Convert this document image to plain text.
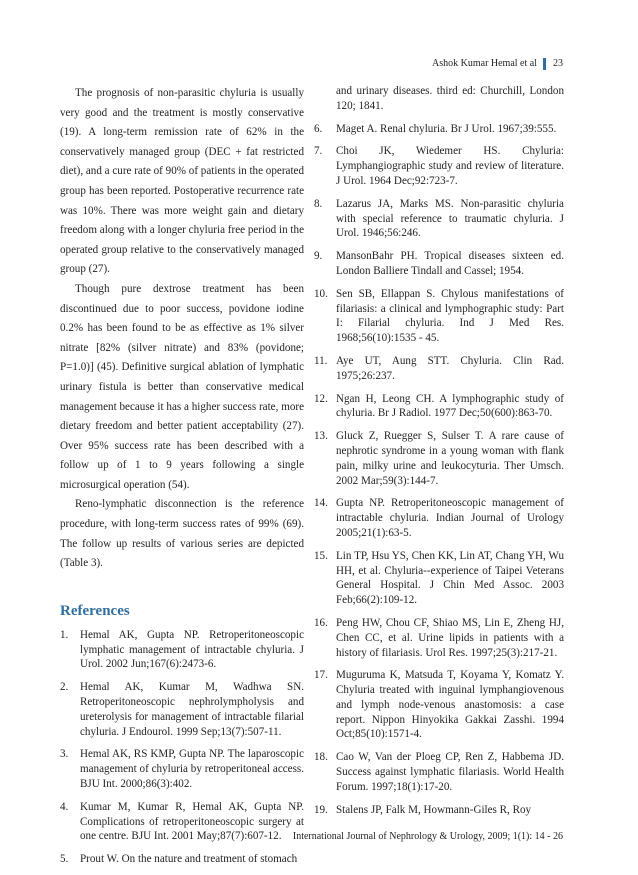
Ashok Kumar Hemal et al 23

The prognosis of non-parasitic chyluria is usually very good and the treatment is mostly conservative (19). A long-term remission rate of 62% in the conservatively managed group (DEC + fat restricted diet), and a cure rate of 90% of patients in the operated group has been reported. Postoperative recurrence rate was 10%. There was more weight gain and dietary freedom along with a longer chyluria free period in the operated group relative to the conservatively managed group (27).

Though pure dextrose treatment has been discontinued due to poor success, povidone iodine 0.2% has been found to be as effective as 1% silver nitrate [82% (silver nitrate) and 83% (povidone; P=1.0)] (45). Definitive surgical ablation of lymphatic urinary fistula is better than conservative medical management because it has a higher success rate, more dietary freedom and better patient acceptability (27). Over 95% success rate has been described with a follow up of 1 to 9 years following a single microsurgical operation (54).

Reno-lymphatic disconnection is the reference procedure, with long-term success rates of 99% (69). The follow up results of various series are depicted (Table 3).

References
1.	Hemal AK, Gupta NP. Retroperitoneoscopic lymphatic management of intractable chyluria. J Urol. 2002 Jun;167(6):2473-6.
2.	Hemal AK, Kumar M, Wadhwa SN. Retroperitoneoscopic nephrolympholysis and ureterolysis for management of intractable filarial chyluria. J Endourol. 1999 Sep;13(7):507-11.
3.	Hemal AK, RS KMP, Gupta NP. The laparoscopic management of chyluria by retroperitoneal access. BJU Int. 2000;86(3):402.
4.	Kumar M, Kumar R, Hemal AK, Gupta NP. Complications of retroperitoneoscopic surgery at one centre. BJU Int. 2001 May;87(7):607-12.
5.	Prout W. On the nature and treatment of stomach

and urinary diseases. third ed: Churchill, London 120; 1841.

6.	Maget A. Renal chyluria. Br J Urol. 1967;39:555.
7.	Choi JK, Wiedemer HS. Chyluria: Lymphangiographic study and review of literature. J Urol. 1964 Dec;92:723-7.
8.	Lazarus JA, Marks MS. Non-parasitic chyluria with special reference to traumatic chyluria. J Urol. 1946;56:246.
9.	MansonBahr PH. Tropical diseases sixteen ed. London Balliere Tindall and Cassel; 1954.
10. Sen SB, Ellappan S. Chylous manifestations of filariasis: a clinical and lymphographic study: Part I: Filarial chyluria. Ind J Med Res. 1968;56(10):1535 - 45.
11. Aye UT, Aung STT. Chyluria. Clin Rad. 1975;26:237.
12. Ngan H, Leong CH. A lymphographic study of chyluria. Br J Radiol. 1977 Dec;50(600):863-70.
13. Gluck Z, Ruegger S, Sulser T. A rare cause of nephrotic syndrome in a young woman with flank pain, milky urine and leukocyturia. Ther Umsch. 2002 Mar;59(3):144-7.
14. Gupta NP. Retroperitoneoscopic management of intractable chyluria. Indian Journal of Urology 2005;21(1):63-5.
15. Lin TP, Hsu YS, Chen KK, Lin AT, Chang YH, Wu HH, et al. Chyluria--experience of Taipei Veterans General Hospital. J Chin Med Assoc. 2003 Feb;66(2):109-12.
16. Peng HW, Chou CF, Shiao MS, Lin E, Zheng HJ, Chen CC, et al. Urine lipids in patients with a history of filariasis. Urol Res. 1997;25(3):217-21.
17. Muguruma K, Matsuda T, Koyama Y, Komatz Y. Chyluria treated with inguinal lymphangiovenous and lymph node-venous anastomosis: a case report. Nippon Hinyokika Gakkai Zasshi. 1994 Oct;85(10):1571-4.
18. Cao W, Van der Ploeg CP, Ren Z, Habbema JD. Success against lymphatic filariasis. World Health Forum. 1997;18(1):17-20.
19. Stalens JP, Falk M, Howmann-Giles R, Roy
International Journal of Nephrology & Urology, 2009; 1(1): 14 - 26
